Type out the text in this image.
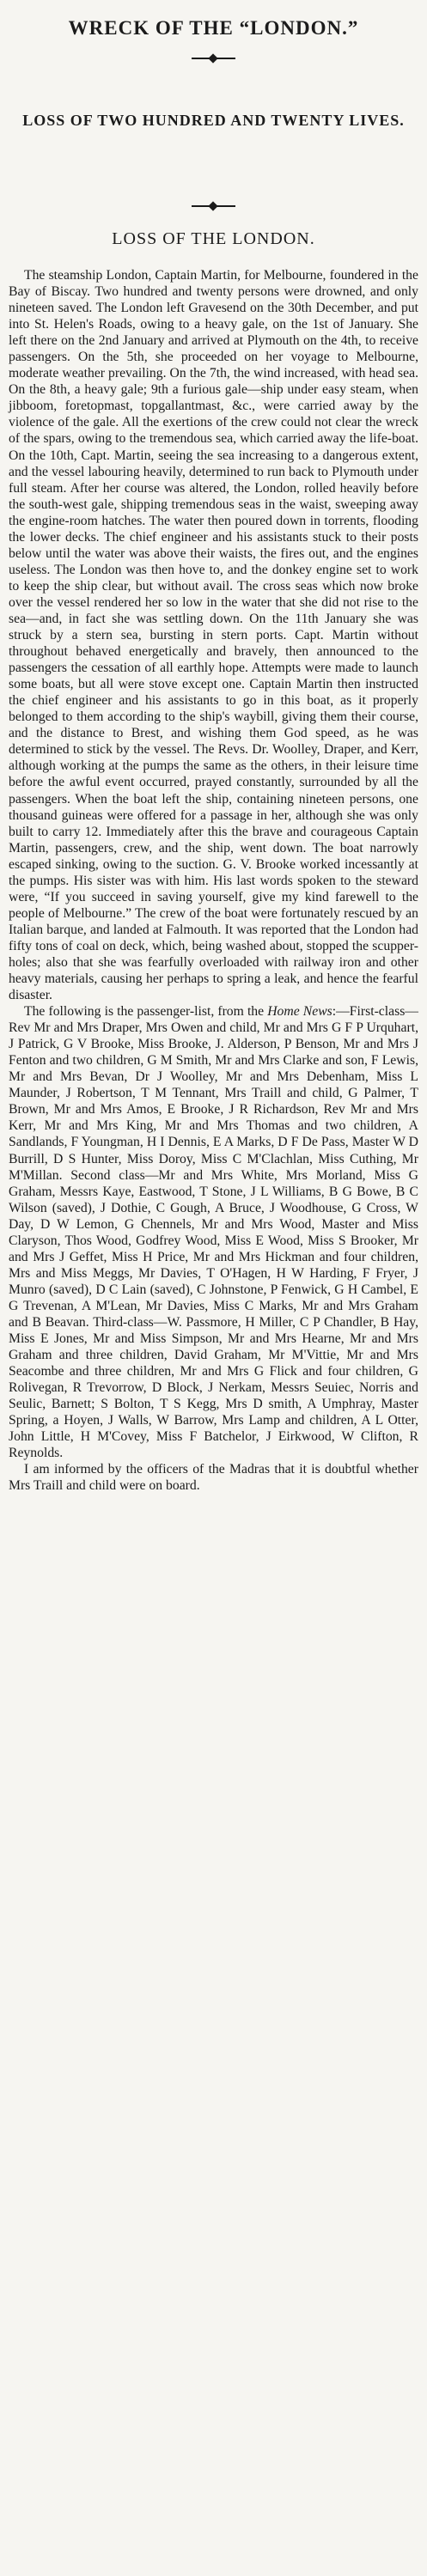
WRECK OF THE “LONDON.”
LOSS OF TWO HUNDRED AND TWENTY LIVES.
LOSS OF THE LONDON.

The steamship London, Captain Martin, for Melbourne, foundered in the Bay of Biscay. Two hundred and twenty persons were drowned, and only nineteen saved. The London left Gravesend on the 30th December, and put into St. Helen's Roads, owing to a heavy gale, on the 1st of January. She left there on the 2nd January and arrived at Plymouth on the 4th, to receive passengers. On the 5th, she proceeded on her voyage to Melbourne, moderate weather prevailing. On the 7th, the wind increased, with head sea. On the 8th, a heavy gale; 9th a furious gale—ship under easy steam, when jibboom, foretopmast, topgallantmast, &c., were carried away by the violence of the gale. All the exertions of the crew could not clear the wreck of the spars, owing to the tremendous sea, which carried away the life-boat. On the 10th, Capt. Martin, seeing the sea increasing to a dangerous extent, and the vessel labouring heavily, determined to run back to Plymouth under full steam. After her course was altered, the London, rolled heavily before the south-west gale, shipping tremendous seas in the waist, sweeping away the engine-room hatches. The water then poured down in torrents, flooding the lower decks. The chief engineer and his assistants stuck to their posts below until the water was above their waists, the fires out, and the engines useless. The London was then hove to, and the donkey engine set to work to keep the ship clear, but without avail. The cross seas which now broke over the vessel rendered her so low in the water that she did not rise to the sea—and, in fact she was settling down. On the 11th January she was struck by a stern sea, bursting in stern ports. Capt. Martin without throughout behaved energetically and bravely, then announced to the passengers the cessation of all earthly hope. Attempts were made to launch some boats, but all were stove except one. Captain Martin then instructed the chief engineer and his assistants to go in this boat, as it properly belonged to them according to the ship's waybill, giving them their course, and the distance to Brest, and wishing them God speed, as he was determined to stick by the vessel. The Revs. Dr. Woolley, Draper, and Kerr, although working at the pumps the same as the others, in their leisure time before the awful event occurred, prayed constantly, surrounded by all the passengers. When the boat left the ship, containing nineteen persons, one thousand guineas were offered for a passage in her, although she was only built to carry 12. Immediately after this the brave and courageous Captain Martin, passengers, crew, and the ship, went down. The boat narrowly escaped sinking, owing to the suction. G. V. Brooke worked incessantly at the pumps. His sister was with him. His last words spoken to the steward were, “If you succeed in saving yourself, give my kind farewell to the people of Melbourne.” The crew of the boat were fortunately rescued by an Italian barque, and landed at Falmouth. It was reported that the London had fifty tons of coal on deck, which, being washed about, stopped the scupper-holes; also that she was fearfully overloaded with railway iron and other heavy materials, causing her perhaps to spring a leak, and hence the fearful disaster.

The following is the passenger-list, from the Home News:—First-class—Rev Mr and Mrs Draper, Mrs Owen and child, Mr and Mrs G F P Urquhart, J Patrick, G V Brooke, Miss Brooke, J. Alderson, P Benson, Mr and Mrs J Fenton and two children, G M Smith, Mr and Mrs Clarke and son, F Lewis, Mr and Mrs Bevan, Dr J Woolley, Mr and Mrs Debenham, Miss L Maunder, J Robertson, T M Tennant, Mrs Traill and child, G Palmer, T Brown, Mr and Mrs Amos, E Brooke, J R Richardson, Rev Mr and Mrs Kerr, Mr and Mrs King, Mr and Mrs Thomas and two children, A Sandlands, F Youngman, H I Dennis, E A Marks, D F De Pass, Master W D Burrill, D S Hunter, Miss Doroy, Miss C M'Clachlan, Miss Cuthing, Mr M'Millan. Second class—Mr and Mrs White, Mrs Morland, Miss G Graham, Messrs Kaye, Eastwood, T Stone, J L Williams, B G Bowe, B C Wilson (saved), J Dothie, C Gough, A Bruce, J Woodhouse, G Cross, W Day, D W Lemon, G Chennels, Mr and Mrs Wood, Master and Miss Claryson, Thos Wood, Godfrey Wood, Miss E Wood, Miss S Brooker, Mr and Mrs J Geffet, Miss H Price, Mr and Mrs Hickman and four children, Mrs and Miss Meggs, Mr Davies, T O'Hagen, H W Harding, F Fryer, J Munro (saved), D C Lain (saved), C Johnstone, P Fenwick, G H Cambel, E G Trevenan, A M'Lean, Mr Davies, Miss C Marks, Mr and Mrs Graham and B Beavan. Third-class—W. Passmore, H Miller, C P Chandler, B Hay, Miss E Jones, Mr and Miss Simpson, Mr and Mrs Hearne, Mr and Mrs Graham and three children, David Graham, Mr M'Vittie, Mr and Mrs Seacombe and three children, Mr and Mrs G Flick and four children, G Rolivegan, R Trevorrow, D Block, J Nerkam, Messrs Seuiec, Norris and Seulic, Barnett; S Bolton, T S Kegg, Mrs D smith, A Umphray, Master Spring, a Hoyen, J Walls, W Barrow, Mrs Lamp and children, A L Otter, John Little, H M'Covey, Miss F Batchelor, J Eirkwood, W Clifton, R Reynolds.

I am informed by the officers of the Madras that it is doubtful whether Mrs Traill and child were on board.
